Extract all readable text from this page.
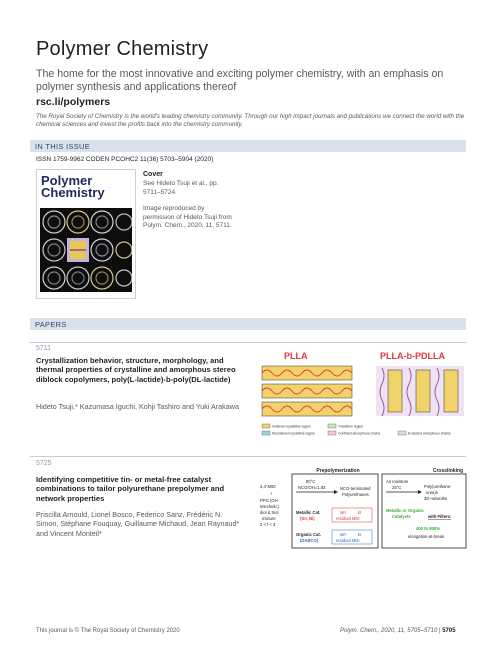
Polymer Chemistry
The home for the most innovative and exciting polymer chemistry, with an emphasis on polymer synthesis and applications thereof
rsc.li/polymers
The Royal Society of Chemistry is the world's leading chemistry community. Through our high impact journals and publications we connect the world with the chemical sciences and invest the profits back into the chemistry community.
IN THIS ISSUE
ISSN 1759-9962 CODEN PCOHC2 11(36) 5703–5904 (2020)
Polymer
Chemistry
Cover
See Hideto Tsuji et al., pp. 5711–5724.
Image reproduced by permission of Hideto Tsuji from Polym. Chem., 2020, 11, 5711.
PAPERS
5711
Crystallization behavior, structure, morphology, and thermal properties of crystalline and amorphous stereo diblock copolymers, poly(L-lactide)-b-poly(DL-lactide)
Hideto Tsuji,* Kazumasa Iguchi, Kohji Tashiro and Yuki Arakawa
PLLA	PLLA-b-PDLLA
Ordered crystalline region
Disordered crystalline region
Transition region
Confined amorphous chains	Excluded amorphous chains
5725
Identifying competitive tin- or metal-free catalyst combinations to tailor polyurethane prepolymer and network properties
Priscilla Arnould, Lionel Bosco, Federico Sanz, Frédéric N. Simon, Stéphane Fouquay, Guillaume Michaud, Jean Raynaud* and Vincent Monteil*
4,4'-MDI
+
PPG (OH-
telechelic)
diol & triol
mixture
2 < f < 3
Prepolymerization
80°C
NCO/OH=1.83	NCO-terminated
Polyurethanes
Metallic Cat.
(Sn, Bi)
Mn	Đ
residual MDI
Organic Cat.
(DABCO)
Mn	Đ
residual MDI
Crosslinking
Air moisture
25°C	Poly(urethane-
urea)s
3D networks
Metallic or Organic
Catalysts	with Fillers:
400 to 800%
elongation-at-break
This journal is © The Royal Society of Chemistry 2020	Polym. Chem., 2020, 11, 5705–5710 | 5705
